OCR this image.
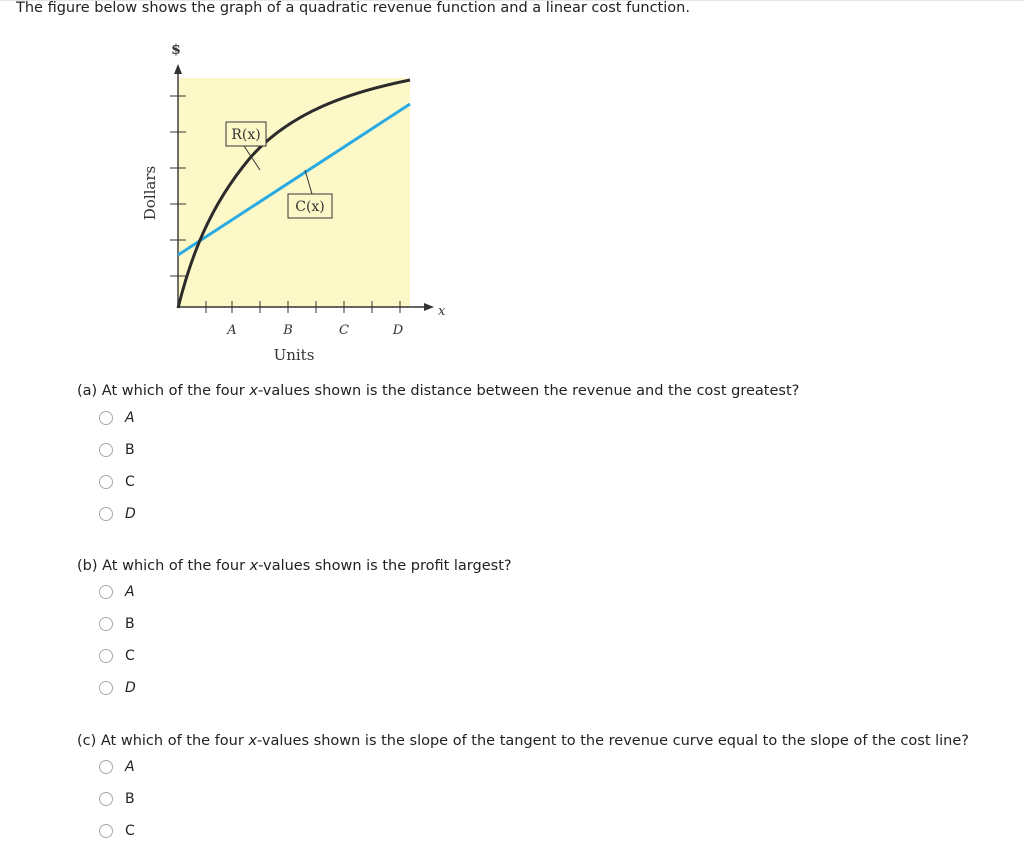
The figure below shows the graph of a quadratic revenue function and a linear cost function.
$
x
A	B	C	D
Units
Dollars
R(x)
C(x)
(a) At which of the four x-values shown is the distance between the revenue and the cost greatest?
A
B
C
D
(b) At which of the four x-values shown is the profit largest?
A
B
C
D
(c) At which of the four x-values shown is the slope of the tangent to the revenue curve equal to the slope of the cost line?
A
B
C
